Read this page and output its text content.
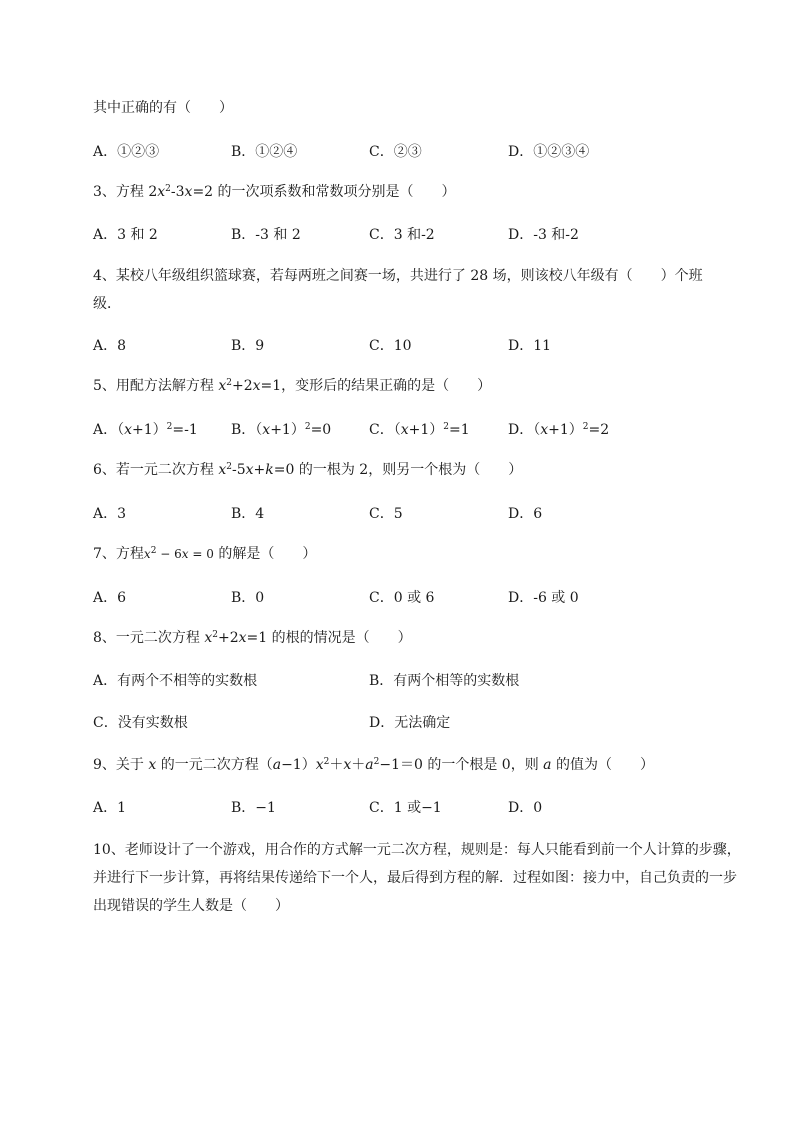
其中正确的有（　　）
A．①②③	B．①②④	C．②③	D．①②③④
3、方程 $2x^2-3x=2$ 的一次项系数和常数项分别是（　　）
A．3 和 2	B．-3 和 2	C．3 和-2	D．-3 和-2
4、某校八年级组织篮球赛，若每两班之间赛一场，共进行了 28 场，则该校八年级有（　　）个班
级．
A．8	B．9	C．10	D．11
5、用配方法解方程 $x^2+2x=1$，变形后的结果正确的是（　　）
A．$(x+1)^2=-1$ B．$(x+1)^2=0$	C．$(x+1)^2=1$	D．$(x+1)^2=2$
6、若一元二次方程 $x^2-5x+k=0$ 的一根为 2，则另一个根为（　　）
A．3	B．4	C．5	D．6
7、方程$x^2 - 6x = 0$ 的解是（　　）
A．6	B．0	C．0 或 6	D．-6 或 0
8、一元二次方程 $x^2+2x=1$ 的根的情况是（　　）
A．有两个不相等的实数根	B．有两个相等的实数根
C．没有实数根	D．无法确定
9、关于 x 的一元二次方程$(a-1)x^2+x+a^2-1=0$ 的一个根是 0，则 a 的值为（　　）
A．1	B．−1	C．1 或−1	D．0
10、老师设计了一个游戏，用合作的方式解一元二次方程，规则是：每人只能看到前一个人计算的步骤，并进行下一步计算，再将结果传递给下一个人，最后得到方程的解．过程如图：接力中，自己负责的一步出现错误的学生人数是（　　）
